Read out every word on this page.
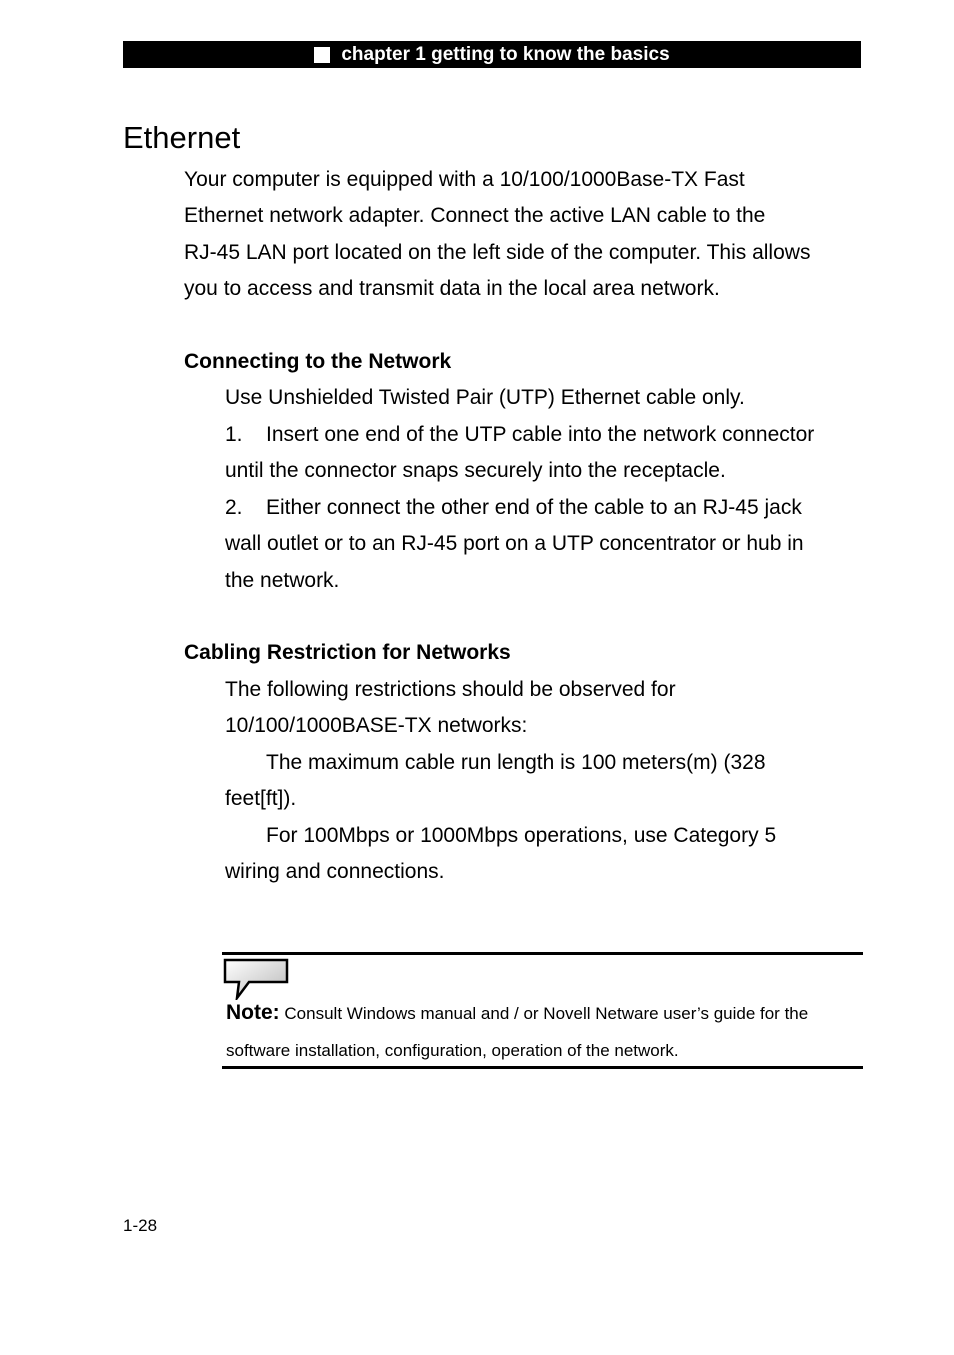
chapter 1 getting to know the basics
Ethernet
Your computer is equipped with a 10/100/1000Base-TX Fast
Ethernet network adapter. Connect the active LAN cable to the
RJ-45 LAN port located on the left side of the computer. This allows
you to access and transmit data in the local area network.
Connecting to the Network
Use Unshielded Twisted Pair (UTP) Ethernet cable only.
1. Insert one end of the UTP cable into the network connector
until the connector snaps securely into the receptacle.
2. Either connect the other end of the cable to an RJ-45 jack
wall outlet or to an RJ-45 port on a UTP concentrator or hub in
the network.
Cabling Restriction for Networks
The following restrictions should be observed for
10/100/1000BASE-TX networks:
The maximum cable run length is 100 meters(m) (328
feet[ft]).
For 100Mbps or 1000Mbps operations, use Category 5
wiring and connections.
Note: Consult Windows manual and / or Novell Netware user’s guide for the
software installation, configuration, operation of the network.
1-28
